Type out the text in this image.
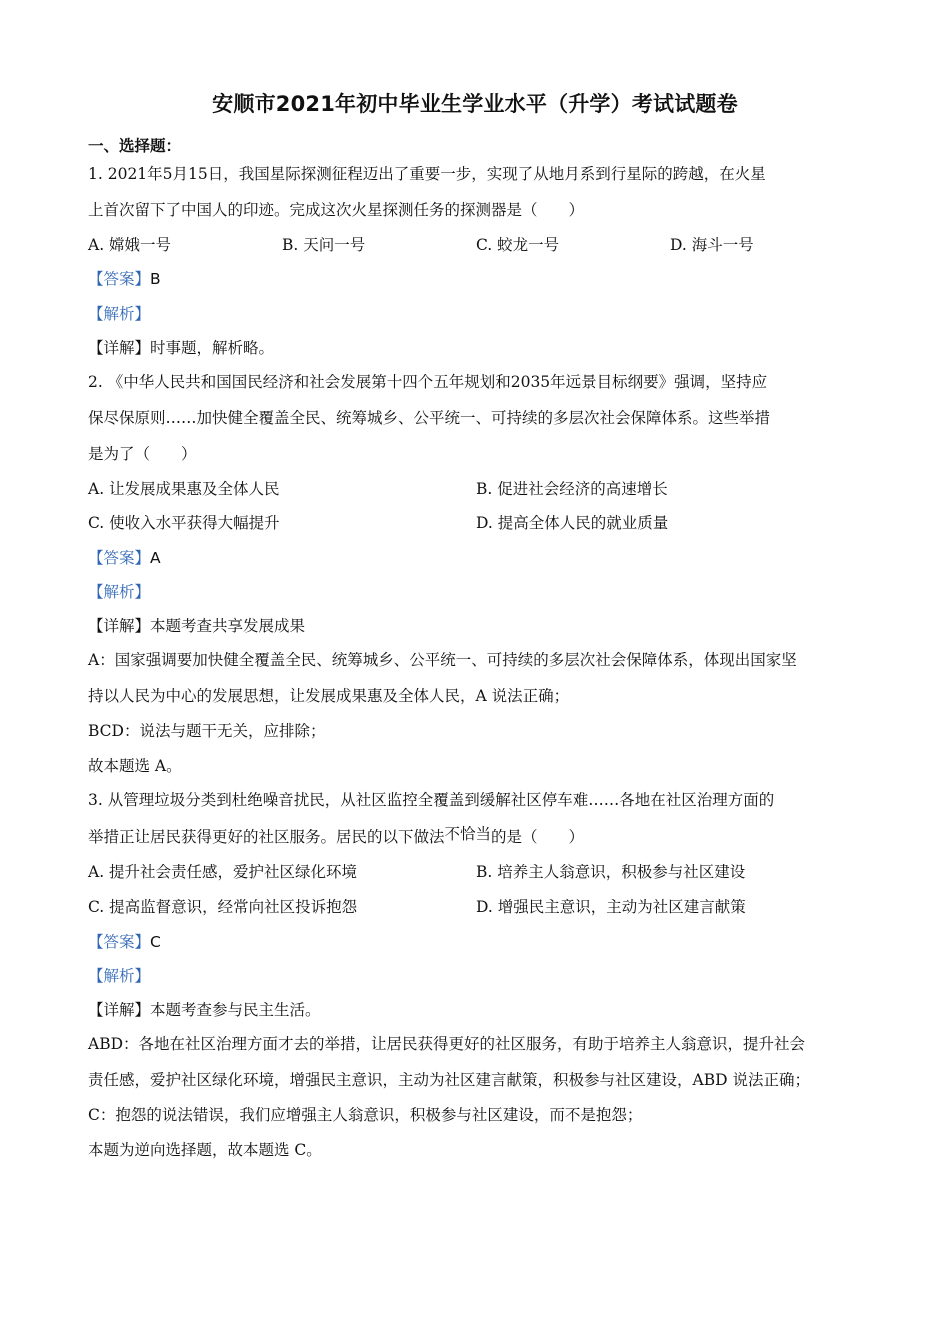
安顺市2021年初中毕业生学业水平（升学）考试试题卷
一、选择题：
1. 2021年5月15日，我国星际探测征程迈出了重要一步，实现了从地月系到行星际的跨越，在火星
上首次留下了中国人的印迹。完成这次火星探测任务的探测器是（　　）
A. 嫦娥一号	B. 天问一号	C. 蛟龙一号	D. 海斗一号
【答案】B
【解析】
【详解】时事题，解析略。
2. 《中华人民共和国国民经济和社会发展第十四个五年规划和2035年远景目标纲要》强调，坚持应
保尽保原则……加快健全覆盖全民、统筹城乡、公平统一、可持续的多层次社会保障体系。这些举措
是为了（　　）
A. 让发展成果惠及全体人民	B. 促进社会经济的高速增长
C. 使收入水平获得大幅提升	D. 提高全体人民的就业质量
【答案】A
【解析】
【详解】本题考查共享发展成果
A：国家强调要加快健全覆盖全民、统筹城乡、公平统一、可持续的多层次社会保障体系，体现出国家坚
持以人民为中心的发展思想，让发展成果惠及全体人民，A 说法正确；
BCD：说法与题干无关，应排除；
故本题选 A。
3. 从管理垃圾分类到杜绝噪音扰民，从社区监控全覆盖到缓解社区停车难……各地在社区治理方面的
举措正让居民获得更好的社区服务。居民的以下做法不恰当的是（　　）
A. 提升社会责任感，爱护社区绿化环境	B. 培养主人翁意识，积极参与社区建设
C. 提高监督意识，经常向社区投诉抱怨	D. 增强民主意识，主动为社区建言献策
【答案】C
【解析】
【详解】本题考查参与民主生活。
ABD：各地在社区治理方面才去的举措，让居民获得更好的社区服务，有助于培养主人翁意识，提升社会
责任感，爱护社区绿化环境，增强民主意识，主动为社区建言献策，积极参与社区建设，ABD 说法正确；
C：抱怨的说法错误，我们应增强主人翁意识，积极参与社区建设，而不是抱怨；
本题为逆向选择题，故本题选 C。
